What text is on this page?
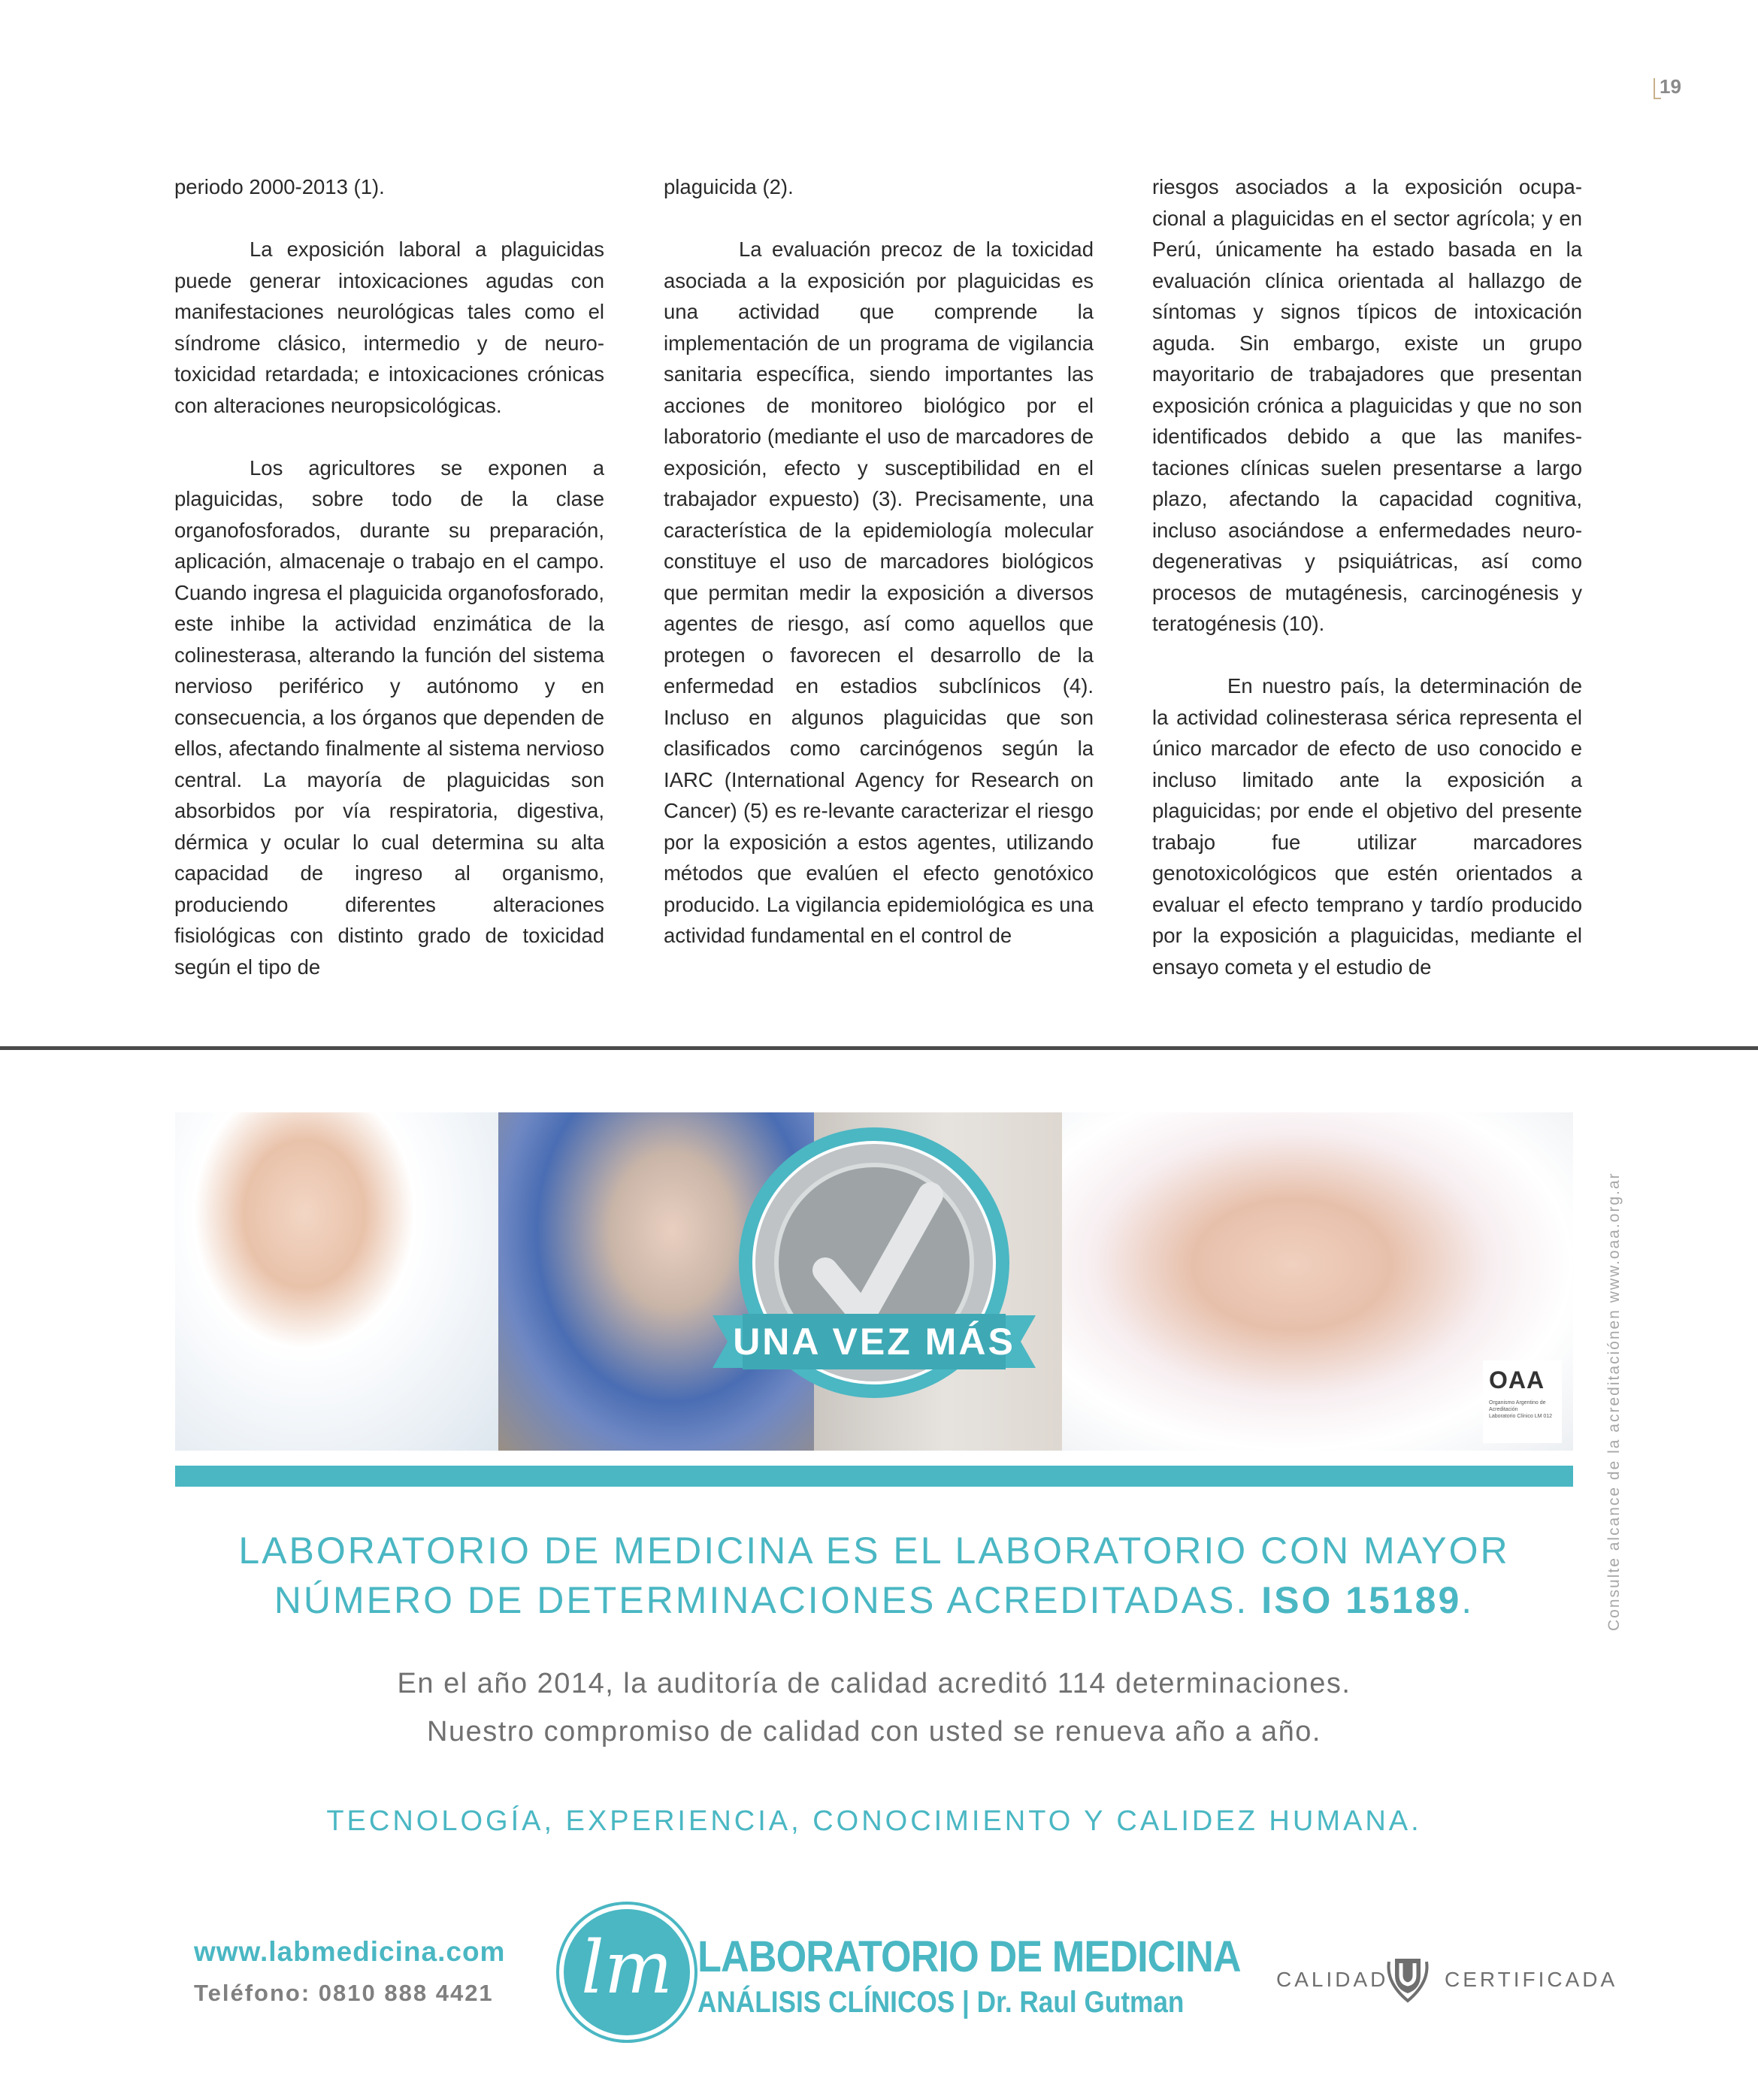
19

periodo 2000-2013 (1).

La exposición laboral a plaguicidas puede generar intoxicaciones agudas con manifestaciones neurológicas tales como el síndrome clásico, intermedio y de neuro-toxicidad retardada; e intoxicaciones crónicas con alteraciones neuropsicológicas.

Los agricultores se exponen a plaguicidas, sobre todo de la clase organofosforados, durante su preparación, aplicación, almacenaje o trabajo en el campo. Cuando ingresa el plaguicida organofosforado, este inhibe la actividad enzimática de la colinesterasa, alterando la función del sistema nervioso periférico y autónomo y en consecuencia, a los órganos que dependen de ellos, afectando finalmente al sistema nervioso central. La mayoría de plaguicidas son absorbidos por vía respiratoria, digestiva, dérmica y ocular lo cual determina su alta capacidad de ingreso al organismo, produciendo diferentes alteraciones fisiológicas con distinto grado de toxicidad según el tipo de

plaguicida (2).

La evaluación precoz de la toxicidad asociada a la exposición por plaguicidas es una actividad que comprende la implementación de un programa de vigilancia sanitaria específica, siendo importantes las acciones de monitoreo biológico por el laboratorio (mediante el uso de marcadores de exposición, efecto y susceptibilidad en el trabajador expuesto) (3). Precisamente, una característica de la epidemiología molecular constituye el uso de marcadores biológicos que permitan medir la exposición a diversos agentes de riesgo, así como aquellos que protegen o favorecen el desarrollo de la enfermedad en estadios subclínicos (4). Incluso en algunos plaguicidas que son clasificados como carcinógenos según la IARC (International Agency for Research on Cancer) (5) es re-levante caracterizar el riesgo por la exposición a estos agentes, utilizando métodos que evalúen el efecto genotóxico producido. La vigilancia epidemiológica es una actividad fundamental en el control de

riesgos asociados a la exposición ocupa-cional a plaguicidas en el sector agrícola; y en Perú, únicamente ha estado basada en la evaluación clínica orientada al hallazgo de síntomas y signos típicos de intoxicación aguda. Sin embargo, existe un grupo mayoritario de trabajadores que presentan exposición crónica a plaguicidas y que no son identificados debido a que las manifes-taciones clínicas suelen presentarse a largo plazo, afectando la capacidad cognitiva, incluso asociándose a enfermedades neuro-degenerativas y psiquiátricas, así como procesos de mutagénesis, carcinogénesis y teratogénesis (10).

En nuestro país, la determinación de la actividad colinesterasa sérica representa el único marcador de efecto de uso conocido e incluso limitado ante la exposición a plaguicidas; por ende el objetivo del presente trabajo fue utilizar marcadores genotoxicológicos que estén orientados a evaluar el efecto temprano y tardío producido por la exposición a plaguicidas, mediante el ensayo cometa y el estudio de

UNA VEZ MÁS
OAA
Organismo Argentino de Acreditación
Laboratorio Clínico LM 012	Consulte alcance de la acreditaciónen www.oaa.org.ar
LABORATORIO DE MEDICINA ES EL LABORATORIO CON MAYOR
NÚMERO DE DETERMINACIONES ACREDITADAS. ISO 15189.
En el año 2014, la auditoría de calidad acreditó 114 determinaciones.
Nuestro compromiso de calidad con usted se renueva año a año.
TECNOLOGÍA, EXPERIENCIA, CONOCIMIENTO Y CALIDEZ HUMANA.
www.labmedicina.com
Teléfono: 0810 888 4421 lm LABORATORIO DE MEDICINA
ANÁLISIS CLÍNICOS | Dr. Raul Gutman
CALIDAD	CERTIFICADA
